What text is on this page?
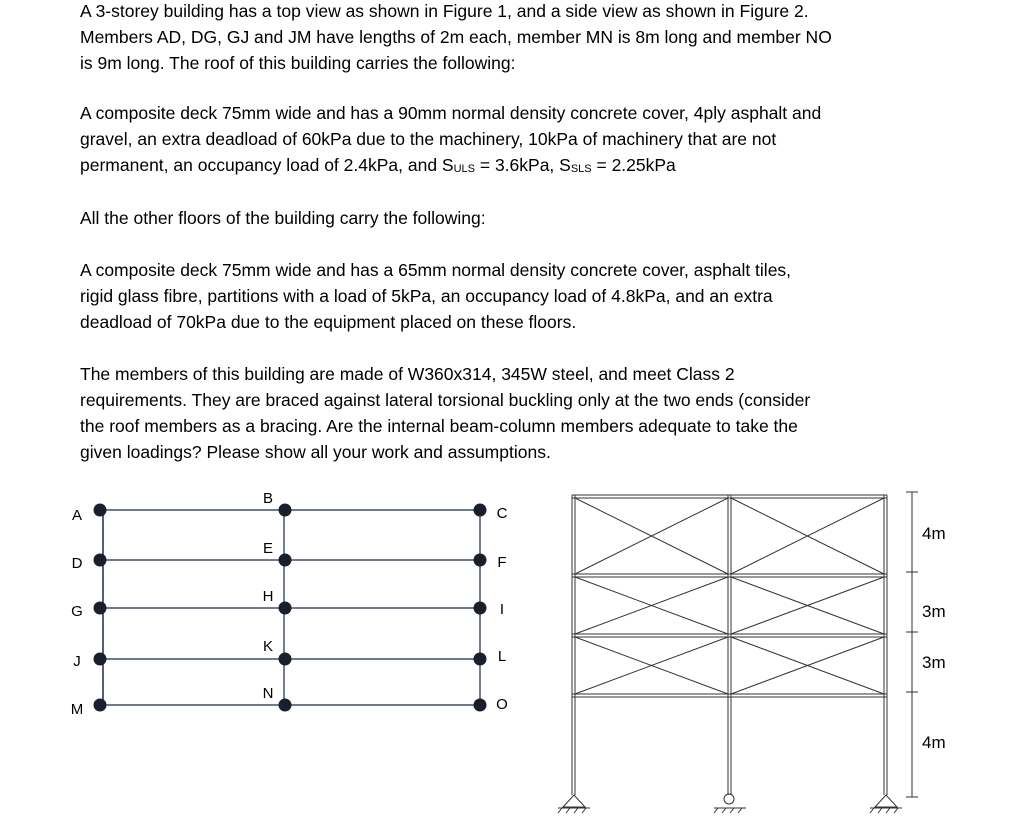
A 3-storey building has a top view as shown in Figure 1, and a side view as shown in Figure 2.
Members AD, DG, GJ and JM have lengths of 2m each, member MN is 8m long and member NO
is 9m long. The roof of this building carries the following:
A composite deck 75mm wide and has a 90mm normal density concrete cover, 4ply asphalt and
gravel, an extra deadload of 60kPa due to the machinery, 10kPa of machinery that are not
permanent, an occupancy load of 2.4kPa, and $S_{ULS} = 3.6kPa$, $S_{SLS} = 2.25kPa$
All the other floors of the building carry the following:
A composite deck 75mm wide and has a 65mm normal density concrete cover, asphalt tiles,
rigid glass fibre, partitions with a load of 5kPa, an occupancy load of 4.8kPa, and an extra
deadload of 70kPa due to the equipment placed on these floors.
The members of this building are made of W360x314, 345W steel, and meet Class 2
requirements. They are braced against lateral torsional buckling only at the two ends (consider
the roof members as a bracing. Are the internal beam-column members adequate to take the
given loadings? Please show all your work and assumptions.
A
D
G
J
M
B
E
H
K
N
C
F
I
L
O
4m
3m
3m
4m
